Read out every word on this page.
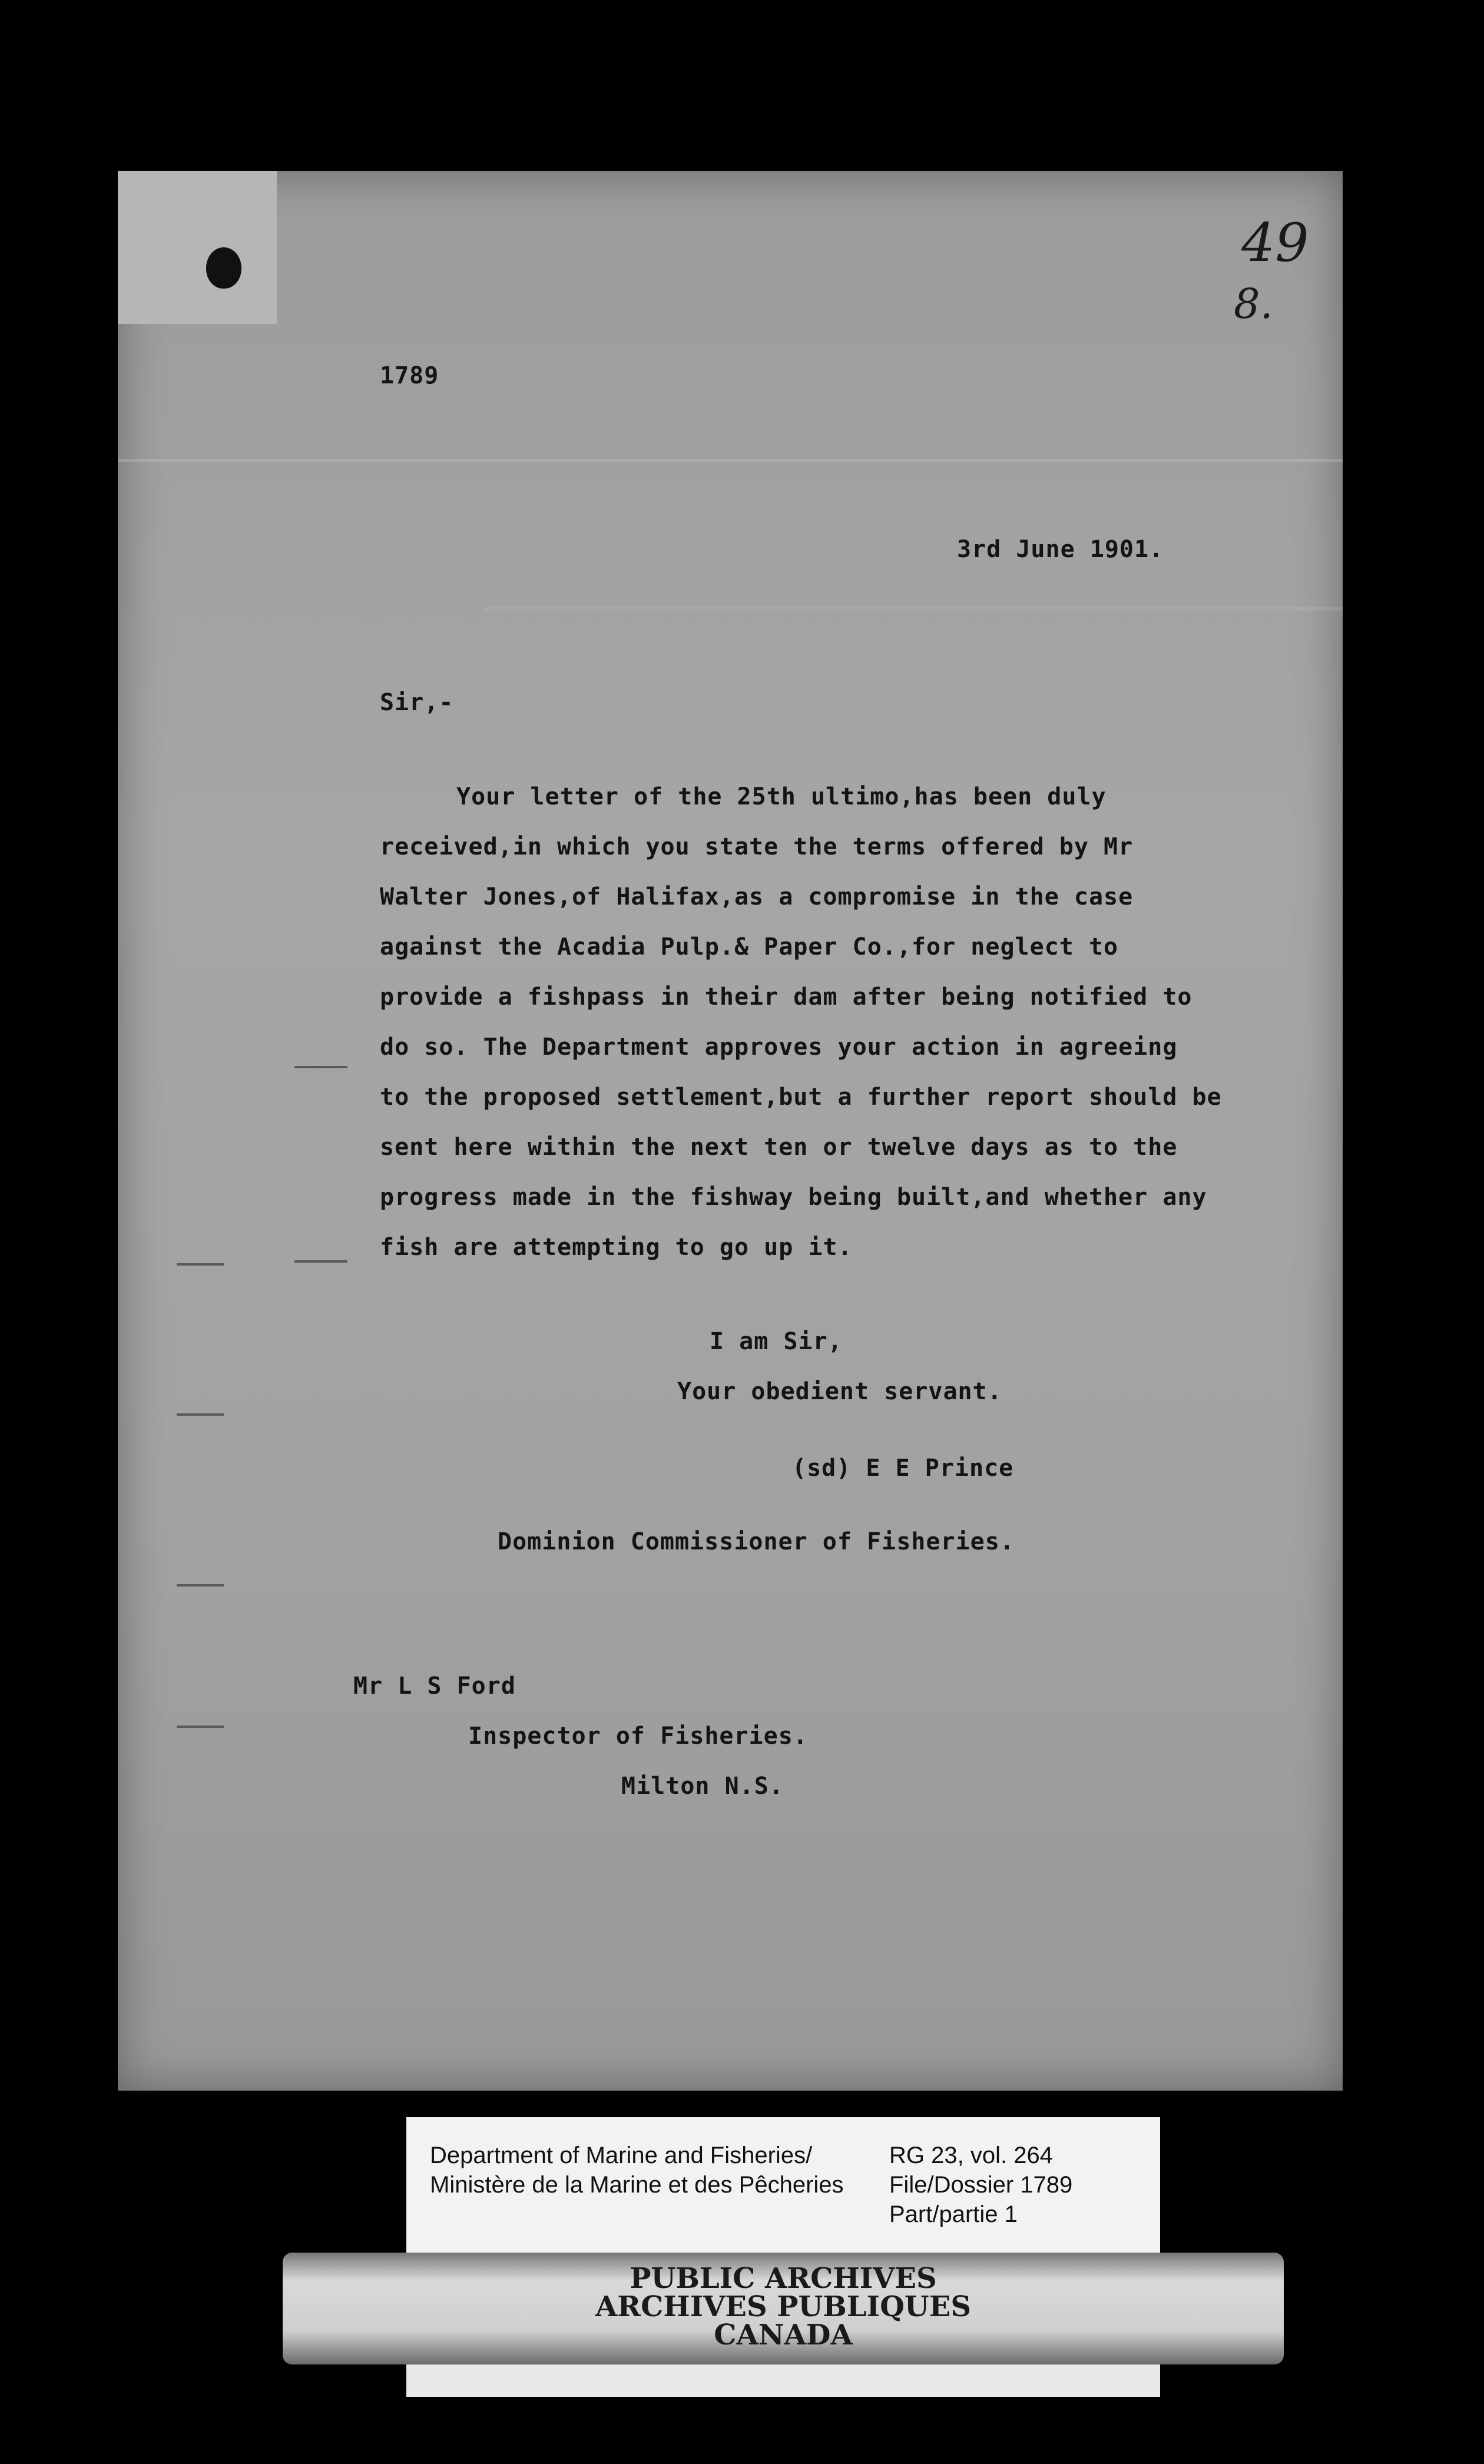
49
8.
1789
3rd June 1901.
Sir,-
Your letter of the 25th ultimo,has been duly
received,in which you state the terms offered by Mr
Walter Jones,of Halifax,as a compromise in the case
against the Acadia Pulp.& Paper Co.,for neglect to
provide a fishpass in their dam after being notified to
do so. The Department approves your action in agreeing
to the proposed settlement,but a further report should be
sent here within the next ten or twelve days as to the
progress made in the fishway being built,and whether any
fish are attempting to go up it.
I am Sir,
Your obedient servant.
(sd) E E Prince
Dominion Commissioner of Fisheries.
Mr L S Ford
Inspector of Fisheries.
Milton N.S.
Department of Marine and Fisheries/
Ministère de la Marine et des Pêcheries
RG 23, vol. 264
File/Dossier 1789
Part/partie 1
PUBLIC ARCHIVES
ARCHIVES PUBLIQUES
CANADA
